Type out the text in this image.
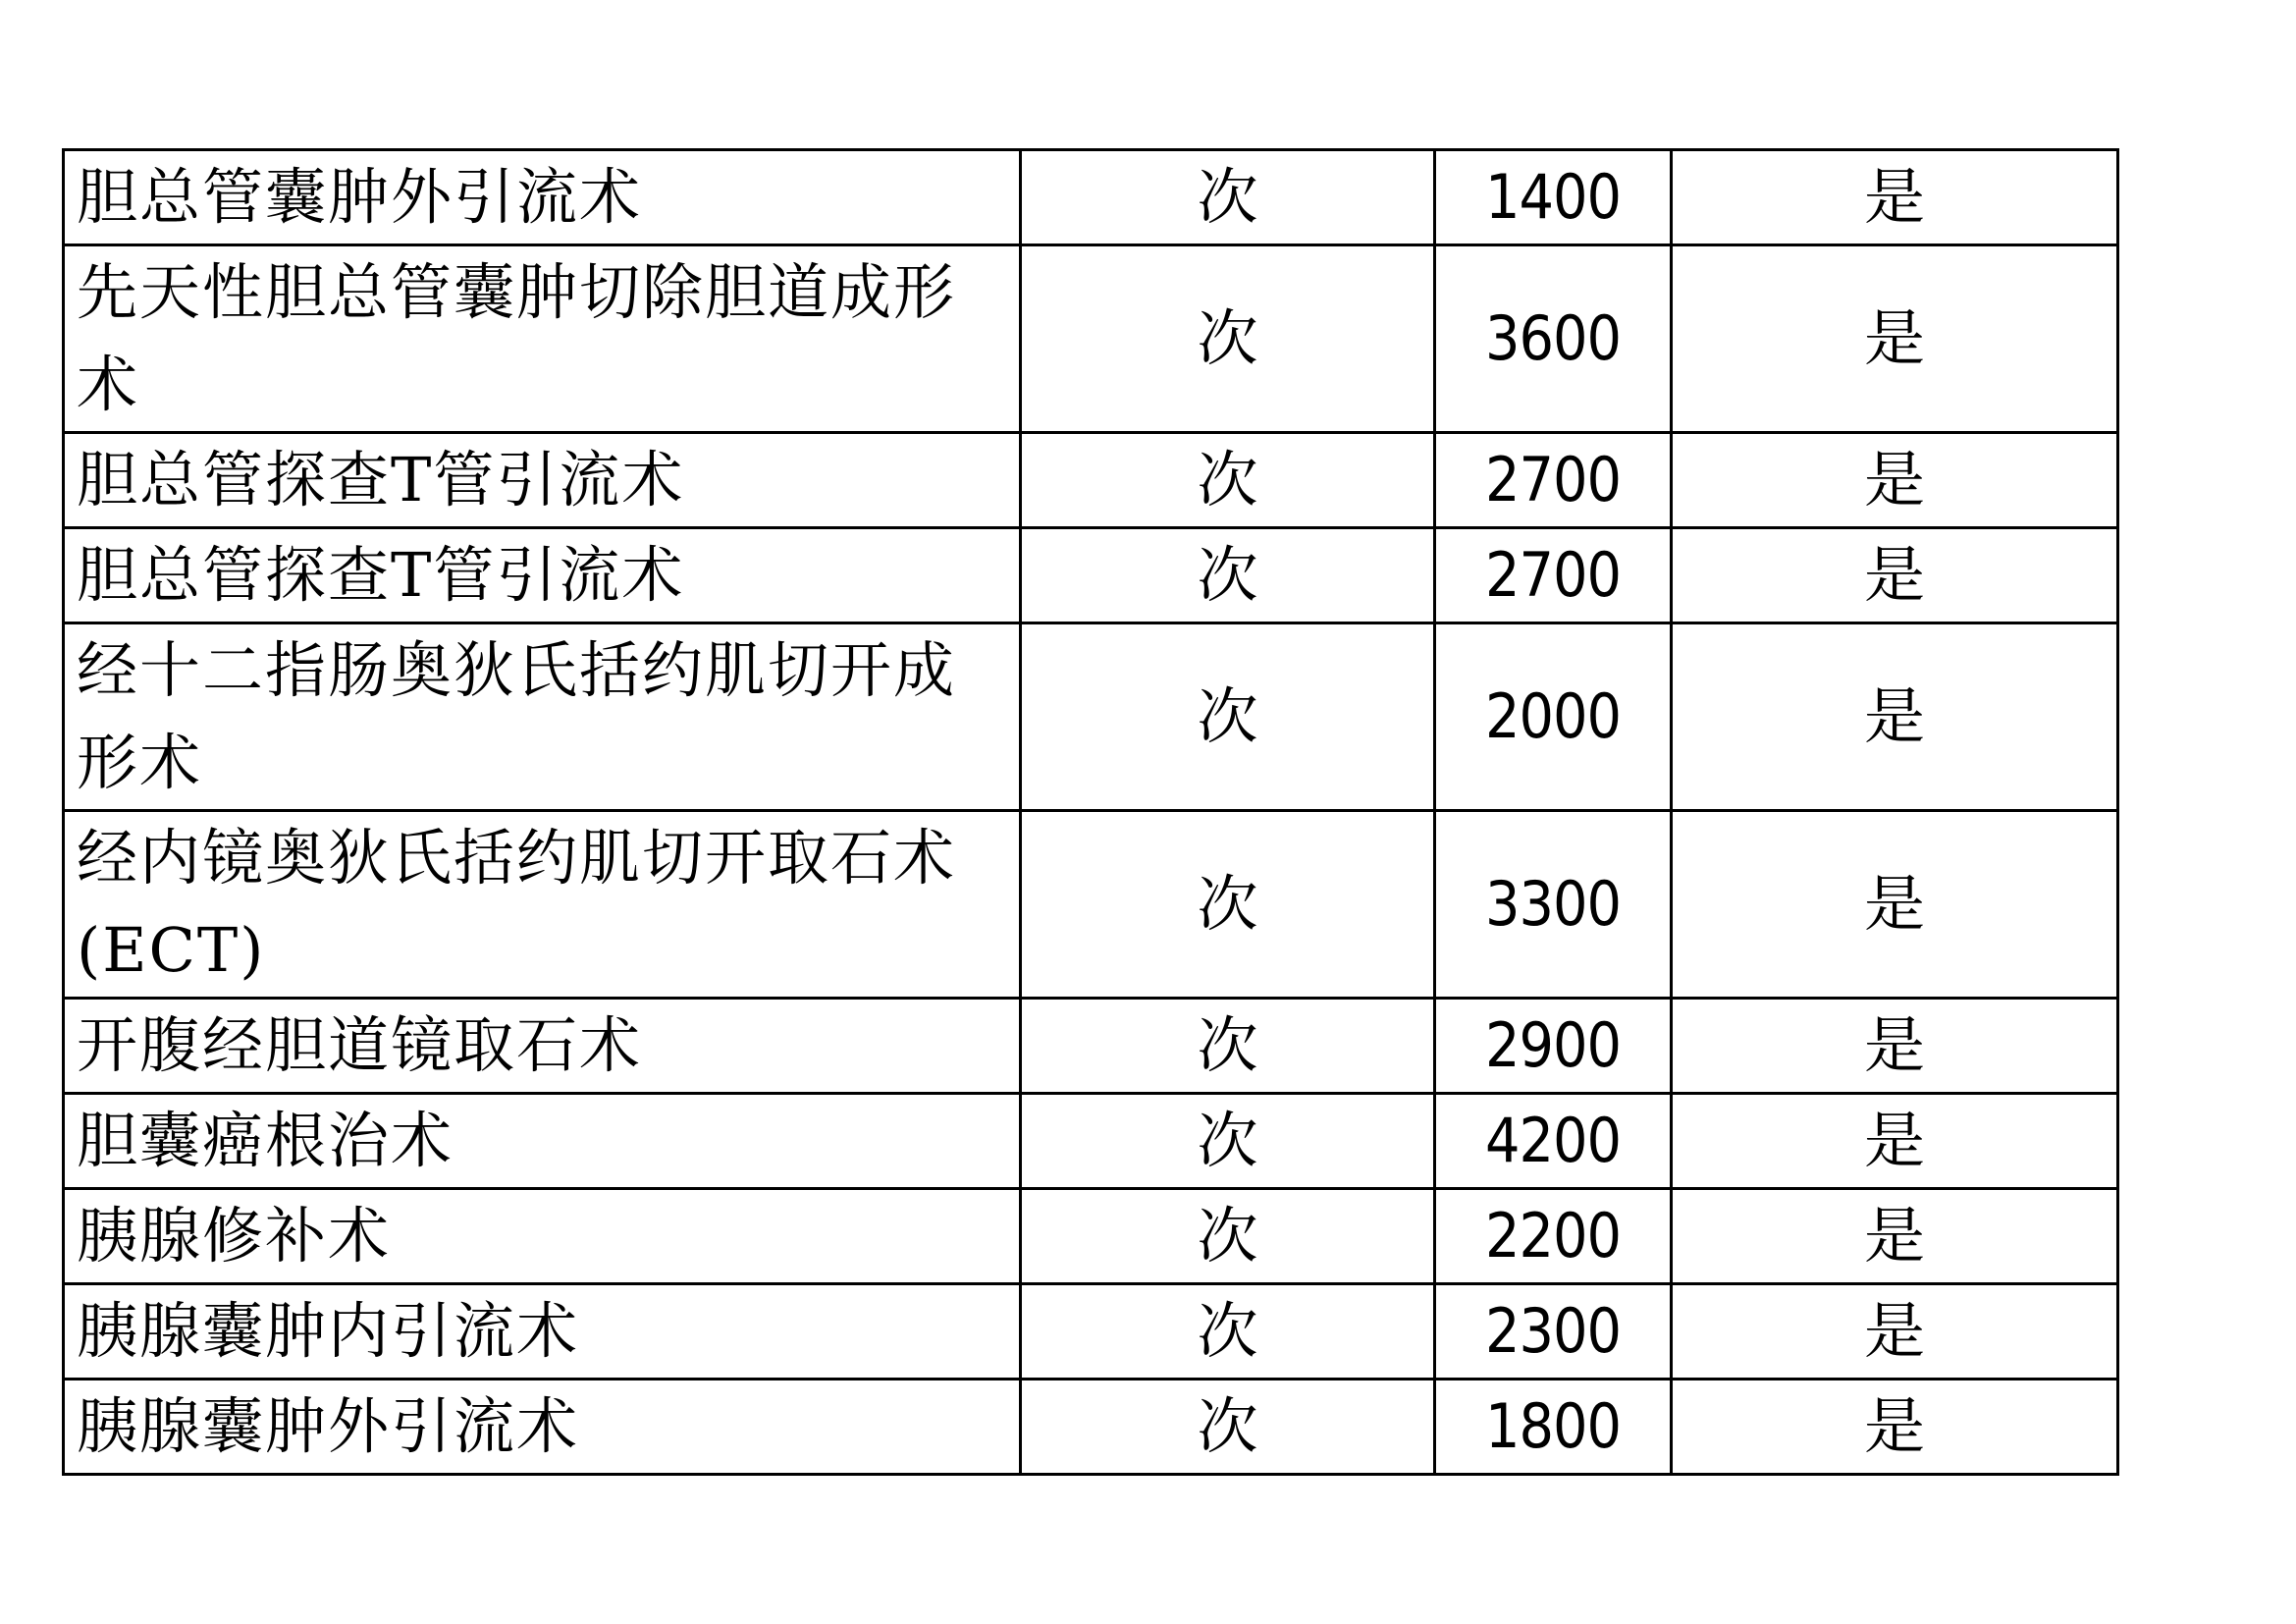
胆总管囊肿外引流术	次	1400	是
先天性胆总管囊肿切除胆道成形术	次	3600	是
胆总管探查T管引流术	次	2700	是
胆总管探查T管引流术	次	2700	是
经十二指肠奥狄氏括约肌切开成形术	次	2000	是
经内镜奥狄氏括约肌切开取石术(ECT)	次	3300	是
开腹经胆道镜取石术	次	2900	是
胆囊癌根治术	次	4200	是
胰腺修补术	次	2200	是
胰腺囊肿内引流术	次	2300	是
胰腺囊肿外引流术	次	1800	是
